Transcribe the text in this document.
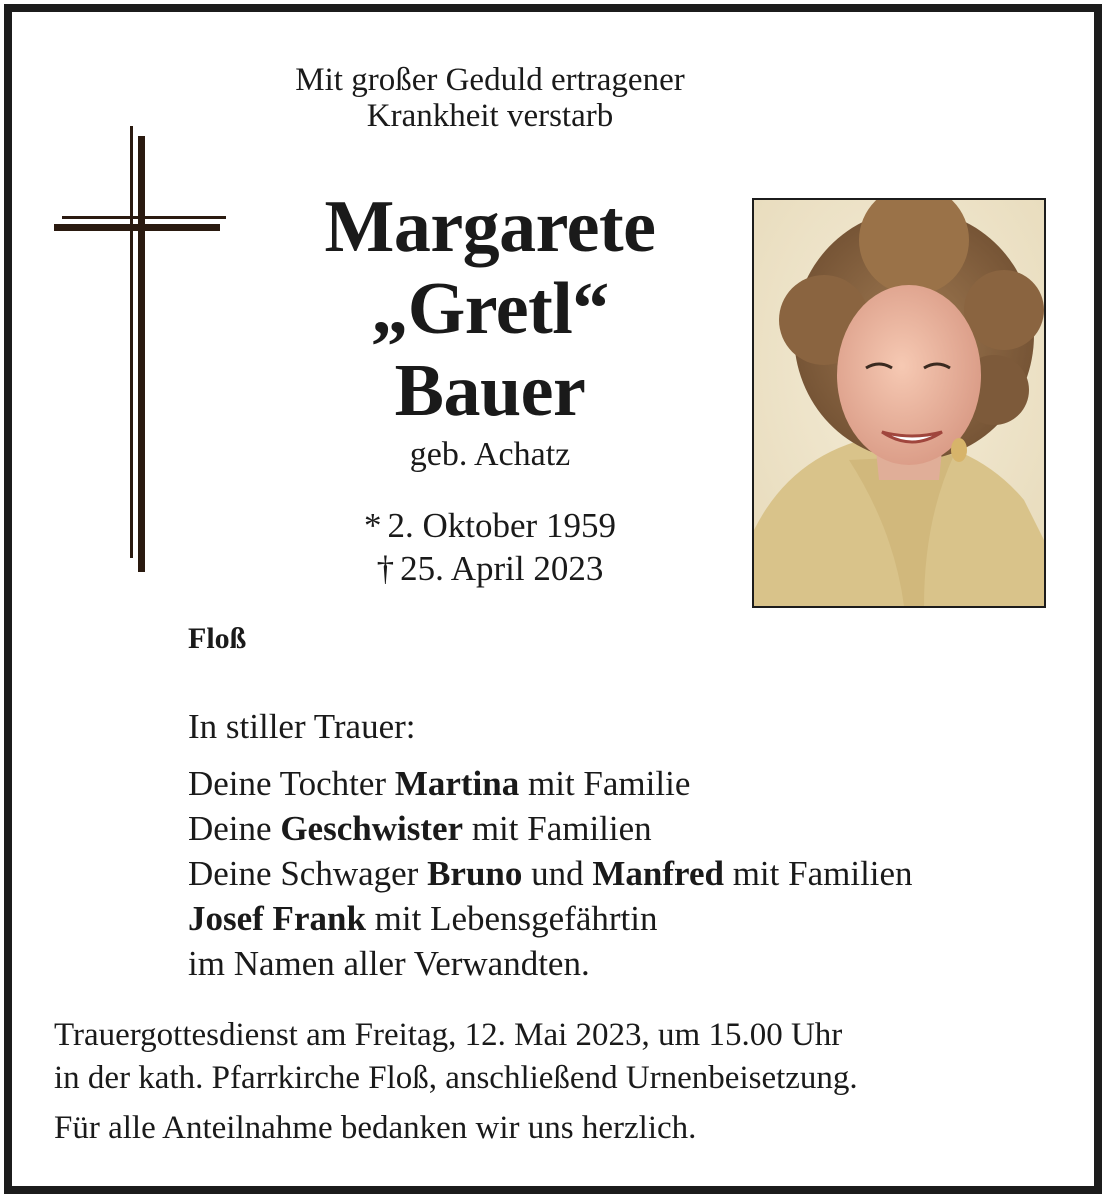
Mit großer Geduld ertragener
Krankheit verstarb
Margarete
„Gretl“
Bauer
geb. Achatz
* 2. Oktober 1959
† 25. April 2023
Floß
In stiller Trauer:
Deine Tochter Martina mit Familie
Deine Geschwister mit Familien
Deine Schwager Bruno und Manfred mit Familien
Josef Frank mit Lebensgefährtin
im Namen aller Verwandten.
Trauergottesdienst am Freitag, 12. Mai 2023, um 15.00 Uhr
in der kath. Pfarrkirche Floß, anschließend Urnenbeisetzung.
Für alle Anteilnahme bedanken wir uns herzlich.
